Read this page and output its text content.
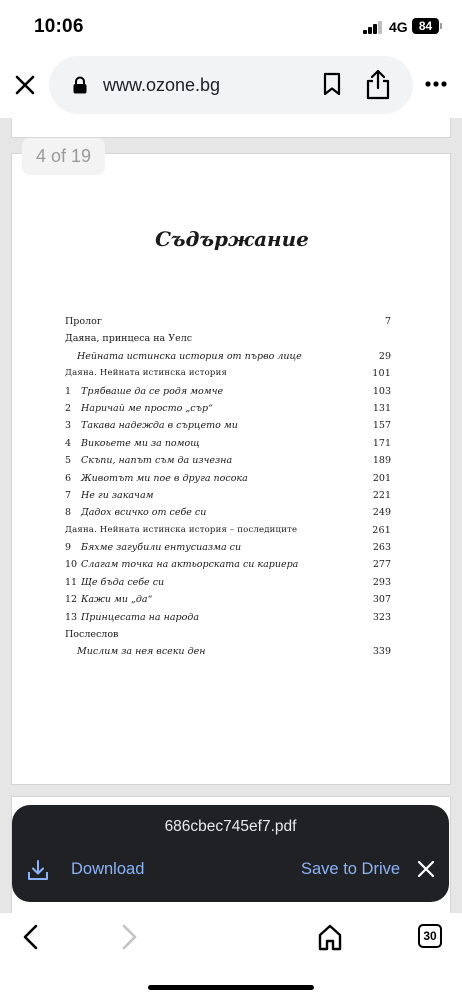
10:06	4G 84
www.ozone.bg
Съдържание
Пролог	7
Даяна, принцеса на Уелс
Нейната истинска история от първо лице	29
Даяна. Нейната истинска история	101
1 Трябваше да се родя момче	103
2 Наричай ме просто „сър“	131
3 Такава надежда в сърцето ми	157
4 Викоьете ми за помощ	171
5 Скъпи, напът съм да изчезна	189
6 Животът ми пое в друга посока	201
7 Не ги закачам	221
8 Дадох всичко от себе си	249
Даяна. Нейната истинска история – последиците	261
9 Бяхме загубили ентусиазма си	263
10 Слагам точка на актьорската си кариера	277
11 Ще бъда себе си	293
12 Кажи ми „да“	307
13 Принцесата на народа	323
Послеслов
Мислим за нея всеки ден	339
4 of 19
686cbec745ef7.pdf
Download	Save to Drive
30
